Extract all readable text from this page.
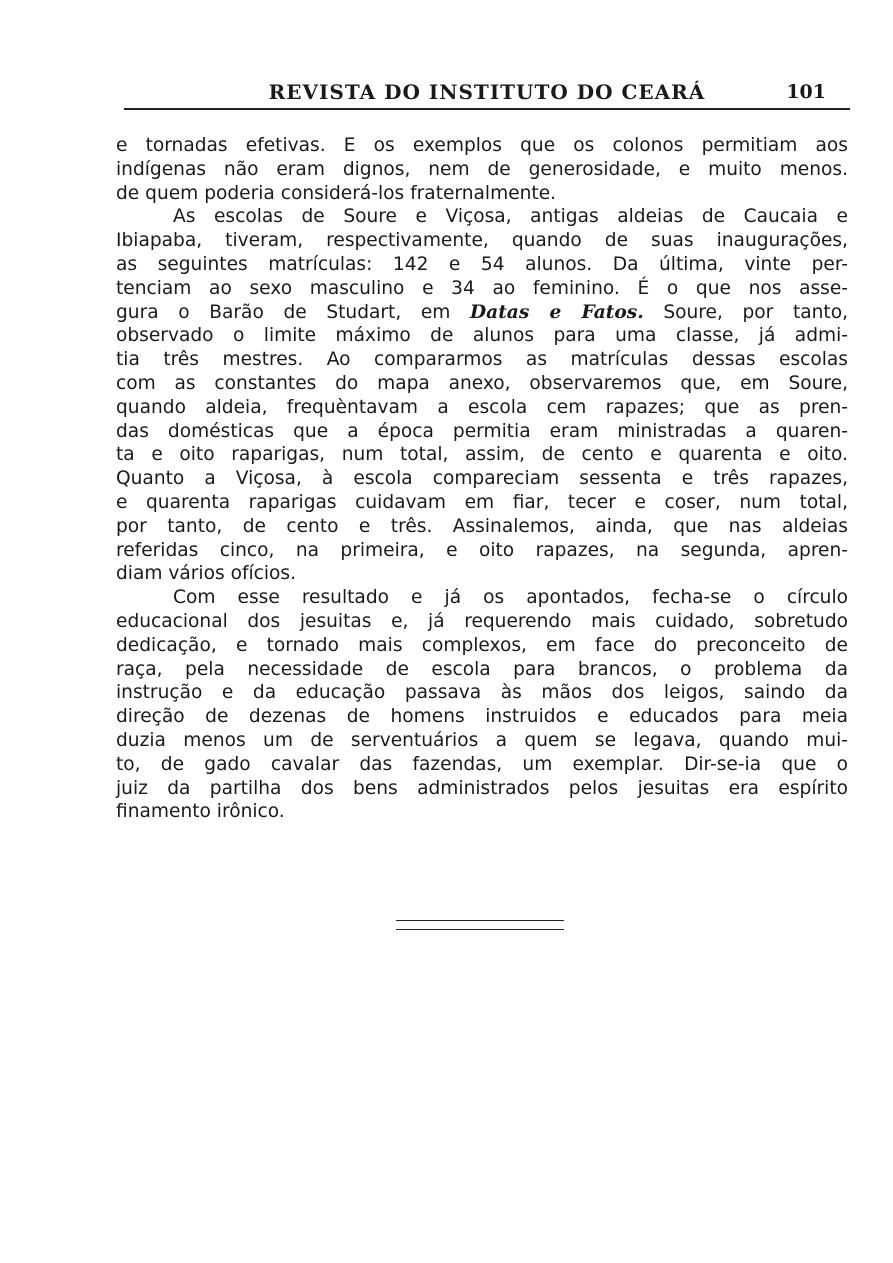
REVISTA DO INSTITUTO DO CEARÁ	101
e tornadas efetivas. E os exemplos que os colonos permitiam aos
indígenas não eram dignos, nem de generosidade, e muito menos.
de quem poderia considerá-los fraternalmente.
As escolas de Soure e Viçosa, antigas aldeias de Caucaia e
Ibiapaba, tiveram, respectivamente, quando de suas inaugurações,
as seguintes matrículas: 142 e 54 alunos. Da última, vinte per-
tenciam ao sexo masculino e 34 ao feminino. É o que nos asse-
gura o Barão de Studart, em Datas e Fatos. Soure, por tanto,
observado o limite máximo de alunos para uma classe, já admi-
tia três mestres. Ao compararmos as matrículas dessas escolas
com as constantes do mapa anexo, observaremos que, em Soure,
quando aldeia, frequèntavam a escola cem rapazes; que as pren-
das domésticas que a época permitia eram ministradas a quaren-
ta e oito raparigas, num total, assim, de cento e quarenta e oito.
Quanto a Viçosa, à escola compareciam sessenta e três rapazes,
e quarenta raparigas cuidavam em fiar, tecer e coser, num total,
por tanto, de cento e três. Assinalemos, ainda, que nas aldeias
referidas cinco, na primeira, e oito rapazes, na segunda, apren-
diam vários ofícios.
Com esse resultado e já os apontados, fecha-se o círculo
educacional dos jesuitas e, já requerendo mais cuidado, sobretudo
dedicação, e tornado mais complexos, em face do preconceito de
raça, pela necessidade de escola para brancos, o problema da
instrução e da educação passava às mãos dos leigos, saindo da
direção de dezenas de homens instruidos e educados para meia
duzia menos um de serventuários a quem se legava, quando mui-
to, de gado cavalar das fazendas, um exemplar. Dir-se-ia que o
juiz da partilha dos bens administrados pelos jesuitas era espírito
finamento irônico.
